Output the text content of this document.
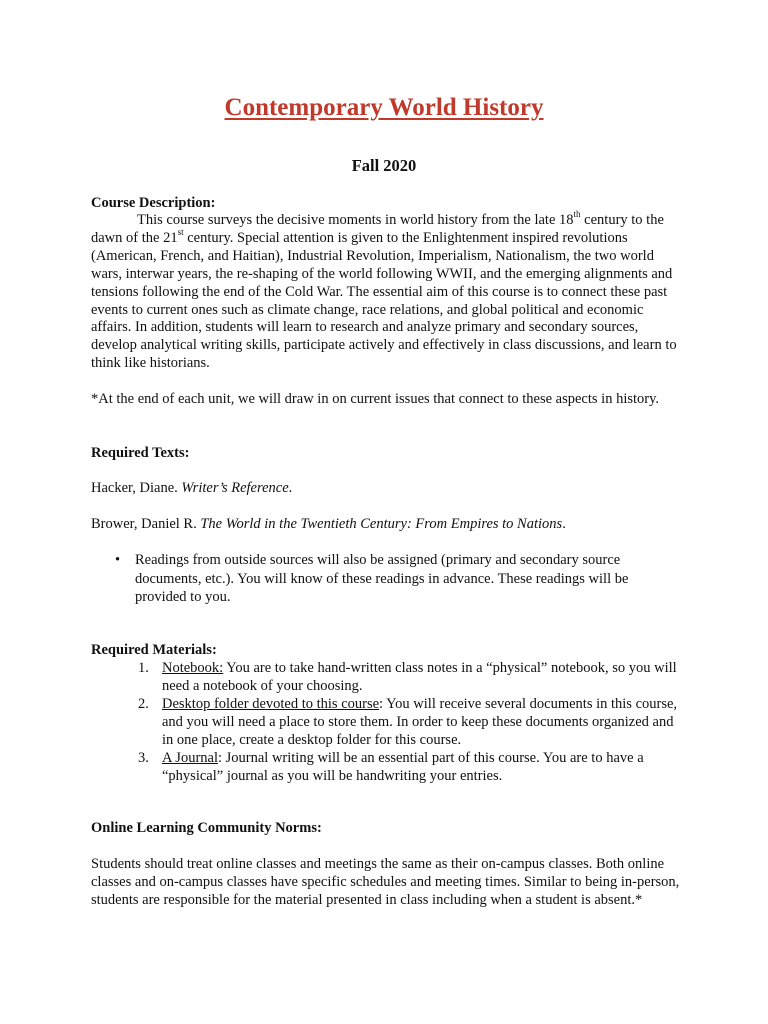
Contemporary World History

Fall 2020

Course Description:

This course surveys the decisive moments in world history from the late 18th century to the dawn of the 21st century. Special attention is given to the Enlightenment inspired revolutions (American, French, and Haitian), Industrial Revolution, Imperialism, Nationalism, the two world wars, interwar years, the re-shaping of the world following WWII, and the emerging alignments and tensions following the end of the Cold War. The essential aim of this course is to connect these past events to current ones such as climate change, race relations, and global political and economic affairs. In addition, students will learn to research and analyze primary and secondary sources, develop analytical writing skills, participate actively and effectively in class discussions, and learn to think like historians.

*At the end of each unit, we will draw in on current issues that connect to these aspects in history.

Required Texts:

Hacker, Diane. Writer’s Reference.

Brower, Daniel R. The World in the Twentieth Century: From Empires to Nations.

• Readings from outside sources will also be assigned (primary and secondary source documents, etc.). You will know of these readings in advance. These readings will be provided to you.

Required Materials:

1. Notebook: You are to take hand-written class notes in a “physical” notebook, so you will need a notebook of your choosing.
2. Desktop folder devoted to this course: You will receive several documents in this course, and you will need a place to store them. In order to keep these documents organized and in one place, create a desktop folder for this course.
3. A Journal: Journal writing will be an essential part of this course. You are to have a “physical” journal as you will be handwriting your entries.

Online Learning Community Norms:

Students should treat online classes and meetings the same as their on-campus classes. Both online classes and on-campus classes have specific schedules and meeting times. Similar to being in-person, students are responsible for the material presented in class including when a student is absent.*
